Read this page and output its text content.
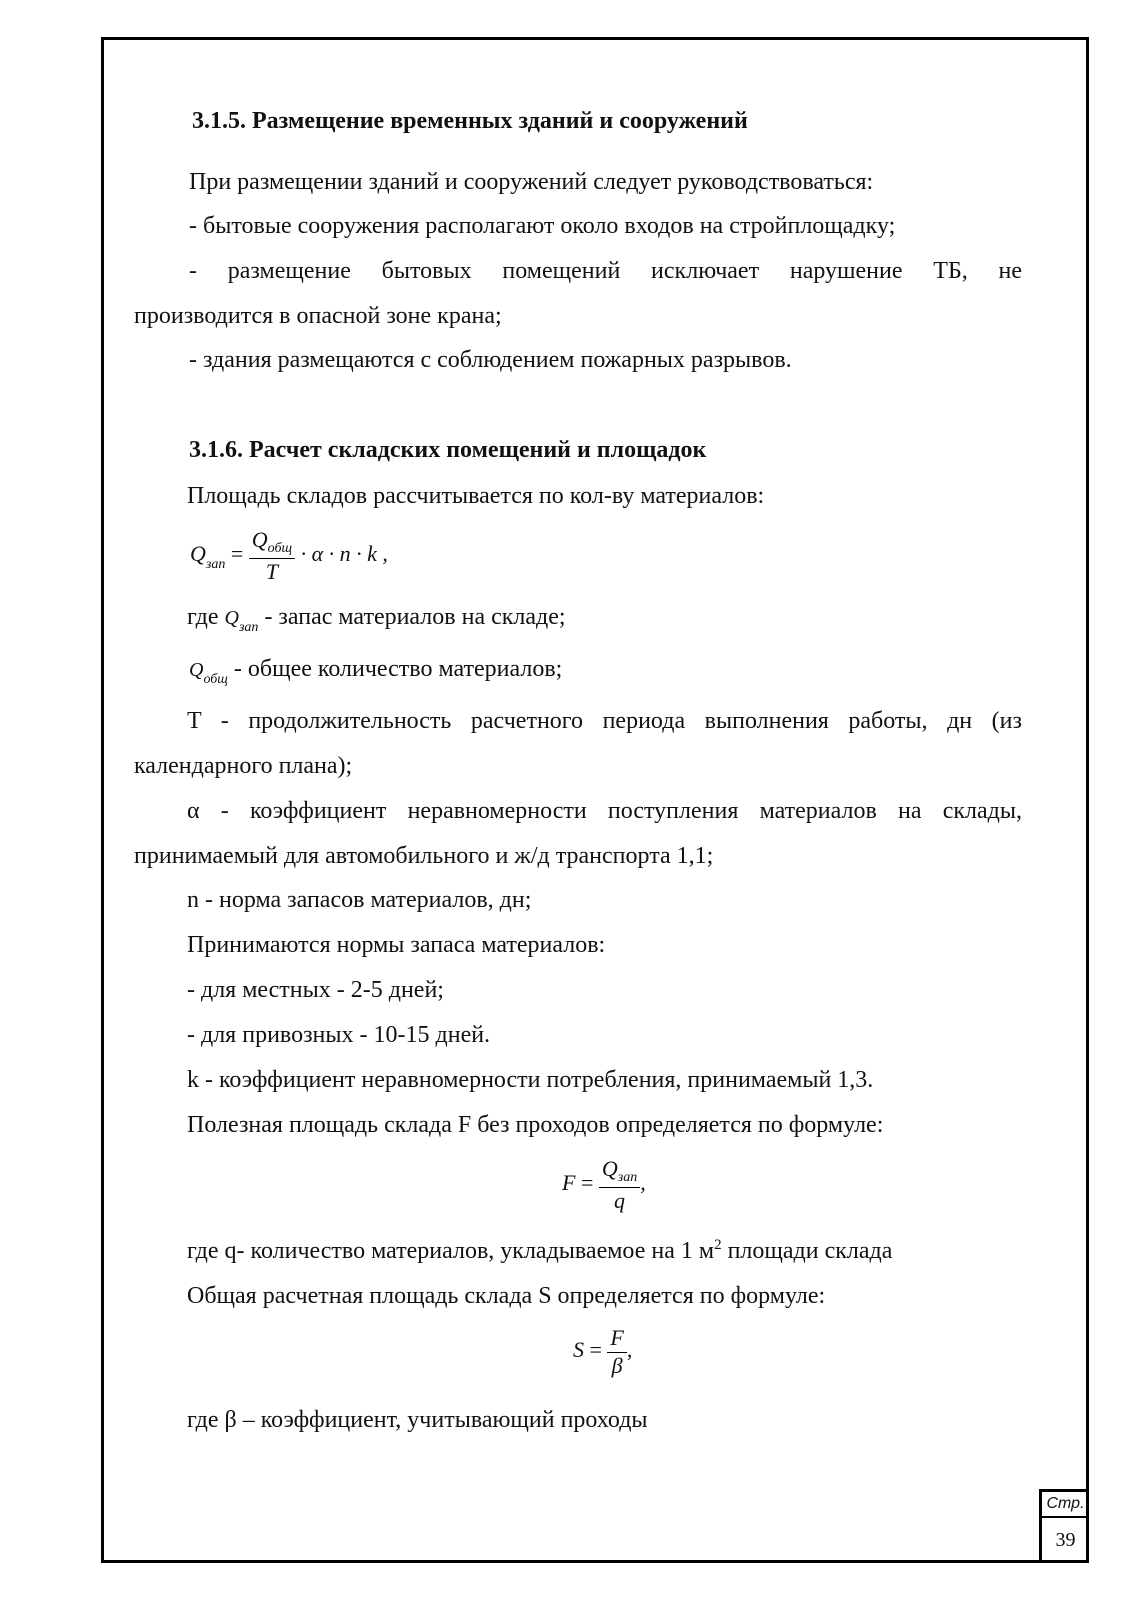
3.1.5. Размещение временных зданий и сооружений
При размещении зданий и сооружений следует руководствоваться:
- бытовые сооружения располагают около входов на стройплощадку;
- размещение бытовых помещений исключает нарушение ТБ, не
производится в опасной зоне крана;
- здания размещаются с соблюдением пожарных разрывов.
3.1.6. Расчет складских помещений и площадок
Площадь складов рассчитывается по кол-ву материалов:
$Q_{зап} = \frac{Q_{общ}}{T} \cdot \alpha \cdot n \cdot k$ ,
где $Q_{зап}$ - запас материалов на складе;
$Q_{общ}$ - общее количество материалов;
T - продолжительность расчетного периода выполнения работы, дн (из
календарного плана);
α - коэффициент неравномерности поступления материалов на склады,
принимаемый для автомобильного и ж/д транспорта 1,1;
n - норма запасов материалов, дн;
Принимаются нормы запаса материалов:
- для местных - 2-5 дней;
- для привозных - 10-15 дней.
k - коэффициент неравномерности потребления, принимаемый 1,3.
Полезная площадь склада F без проходов определяется по формуле:
$F = \frac{Q_{зап}}{q}$ ,
где q- количество материалов, укладываемое на 1 $м^2$ площади склада
Общая расчетная площадь склада S определяется по формуле:
$S = \frac{F}{\beta}$ ,
где β – коэффициент, учитывающий проходы
Стр.
39
